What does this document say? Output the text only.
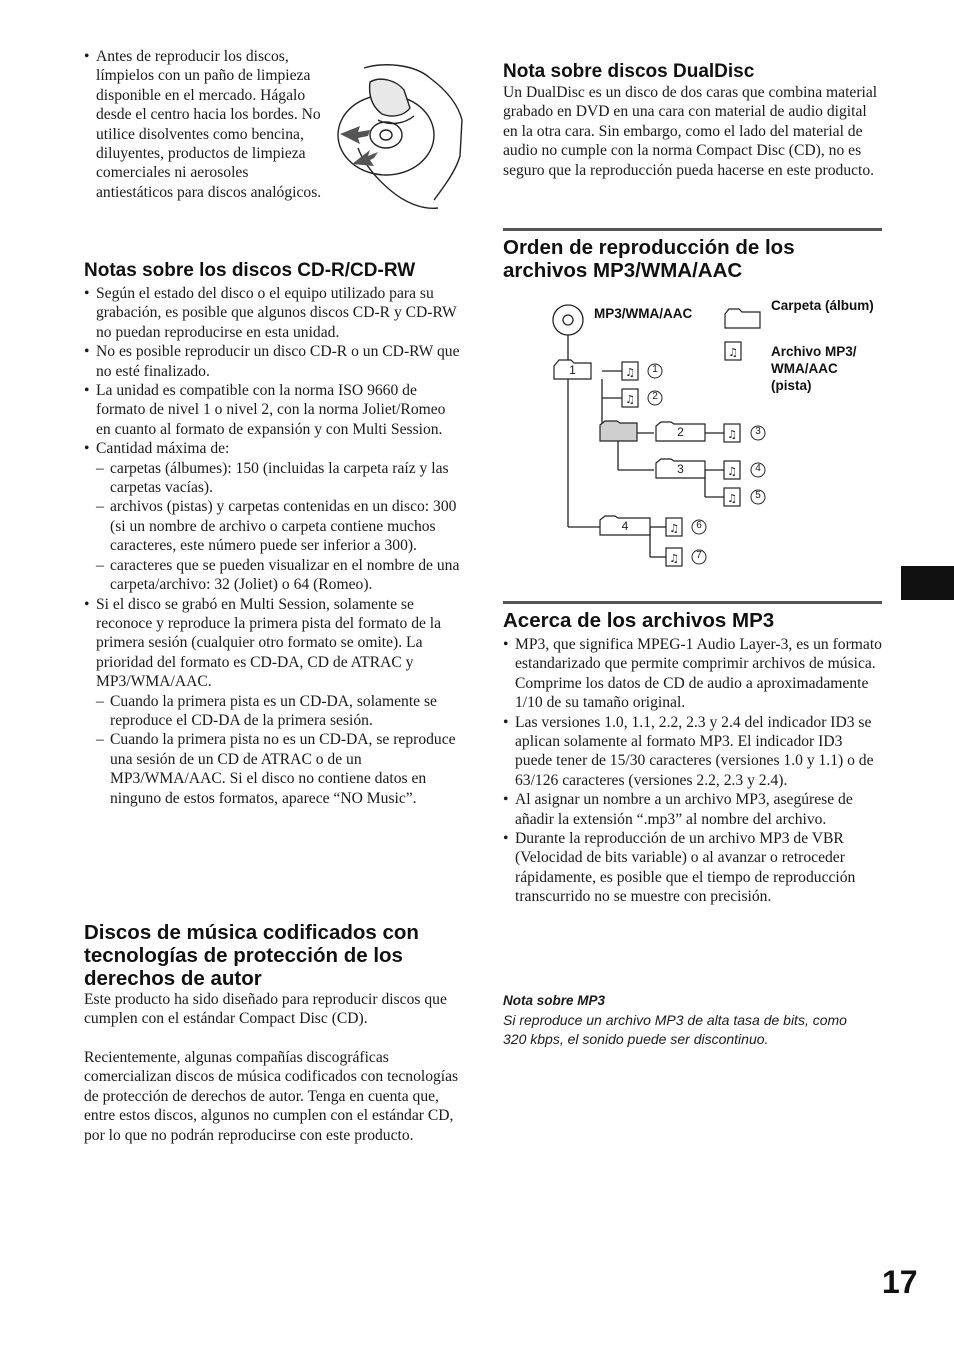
• Antes de reproducir los discos, límpielos con un paño de limpieza disponible en el mercado. Hágalo desde el centro hacia los bordes. No utilice disolventes como bencina, diluyentes, productos de limpieza comerciales ni aerosoles antiestáticos para discos analógicos.
Notas sobre los discos CD-R/CD-RW
• Según el estado del disco o el equipo utilizado para su grabación, es posible que algunos discos CD-R y CD-RW no puedan reproducirse en esta unidad.
• No es posible reproducir un disco CD-R o un CD-RW que no esté finalizado.
• La unidad es compatible con la norma ISO 9660 de formato de nivel 1 o nivel 2, con la norma Joliet/Romeo en cuanto al formato de expansión y con Multi Session.
• Cantidad máxima de:
– carpetas (álbumes): 150 (incluidas la carpeta raíz y las carpetas vacías).
– archivos (pistas) y carpetas contenidas en un disco: 300 (si un nombre de archivo o carpeta contiene muchos caracteres, este número puede ser inferior a 300).
– caracteres que se pueden visualizar en el nombre de una carpeta/archivo: 32 (Joliet) o 64 (Romeo).
• Si el disco se grabó en Multi Session, solamente se reconoce y reproduce la primera pista del formato de la primera sesión (cualquier otro formato se omite). La prioridad del formato es CD-DA, CD de ATRAC y MP3/WMA/AAC.
– Cuando la primera pista es un CD-DA, solamente se reproduce el CD-DA de la primera sesión.
– Cuando la primera pista no es un CD-DA, se reproduce una sesión de un CD de ATRAC o de un MP3/WMA/AAC. Si el disco no contiene datos en ninguno de estos formatos, aparece “NO Music”.
Discos de música codificados con tecnologías de protección de los derechos de autor
Este producto ha sido diseñado para reproducir discos que cumplen con el estándar Compact Disc (CD).
Recientemente, algunas compañías discográficas comercializan discos de música codificados con tecnologías de protección de derechos de autor. Tenga en cuenta que, entre estos discos, algunos no cumplen con el estándar CD, por lo que no podrán reproducirse con este producto.
Nota sobre discos DualDisc
Un DualDisc es un disco de dos caras que combina material grabado en DVD en una cara con material de audio digital en la otra cara. Sin embargo, como el lado del material de audio no cumple con la norma Compact Disc (CD), no es seguro que la reproducción pueda hacerse en este producto.
Orden de reproducción de los archivos MP3/WMA/AAC
♫
♫
♫
♫
♫
♫
♫
♫
MP3/WMA/AAC
Carpeta (álbum)
Archivo MP3/ WMA/AAC (pista)
1
2
3
4
1
2
3
4
5
6
7
Acerca de los archivos MP3
• MP3, que significa MPEG-1 Audio Layer-3, es un formato estandarizado que permite comprimir archivos de música. Comprime los datos de CD de audio a aproximadamente 1/10 de su tamaño original.
• Las versiones 1.0, 1.1, 2.2, 2.3 y 2.4 del indicador ID3 se aplican solamente al formato MP3. El indicador ID3 puede tener de 15/30 caracteres (versiones 1.0 y 1.1) o de 63/126 caracteres (versiones 2.2, 2.3 y 2.4).
• Al asignar un nombre a un archivo MP3, asegúrese de añadir la extensión “.mp3” al nombre del archivo.
• Durante la reproducción de un archivo MP3 de VBR (Velocidad de bits variable) o al avanzar o retroceder rápidamente, es posible que el tiempo de reproducción transcurrido no se muestre con precisión.
Nota sobre MP3
Si reproduce un archivo MP3 de alta tasa de bits, como 320 kbps, el sonido puede ser discontinuo.
17
